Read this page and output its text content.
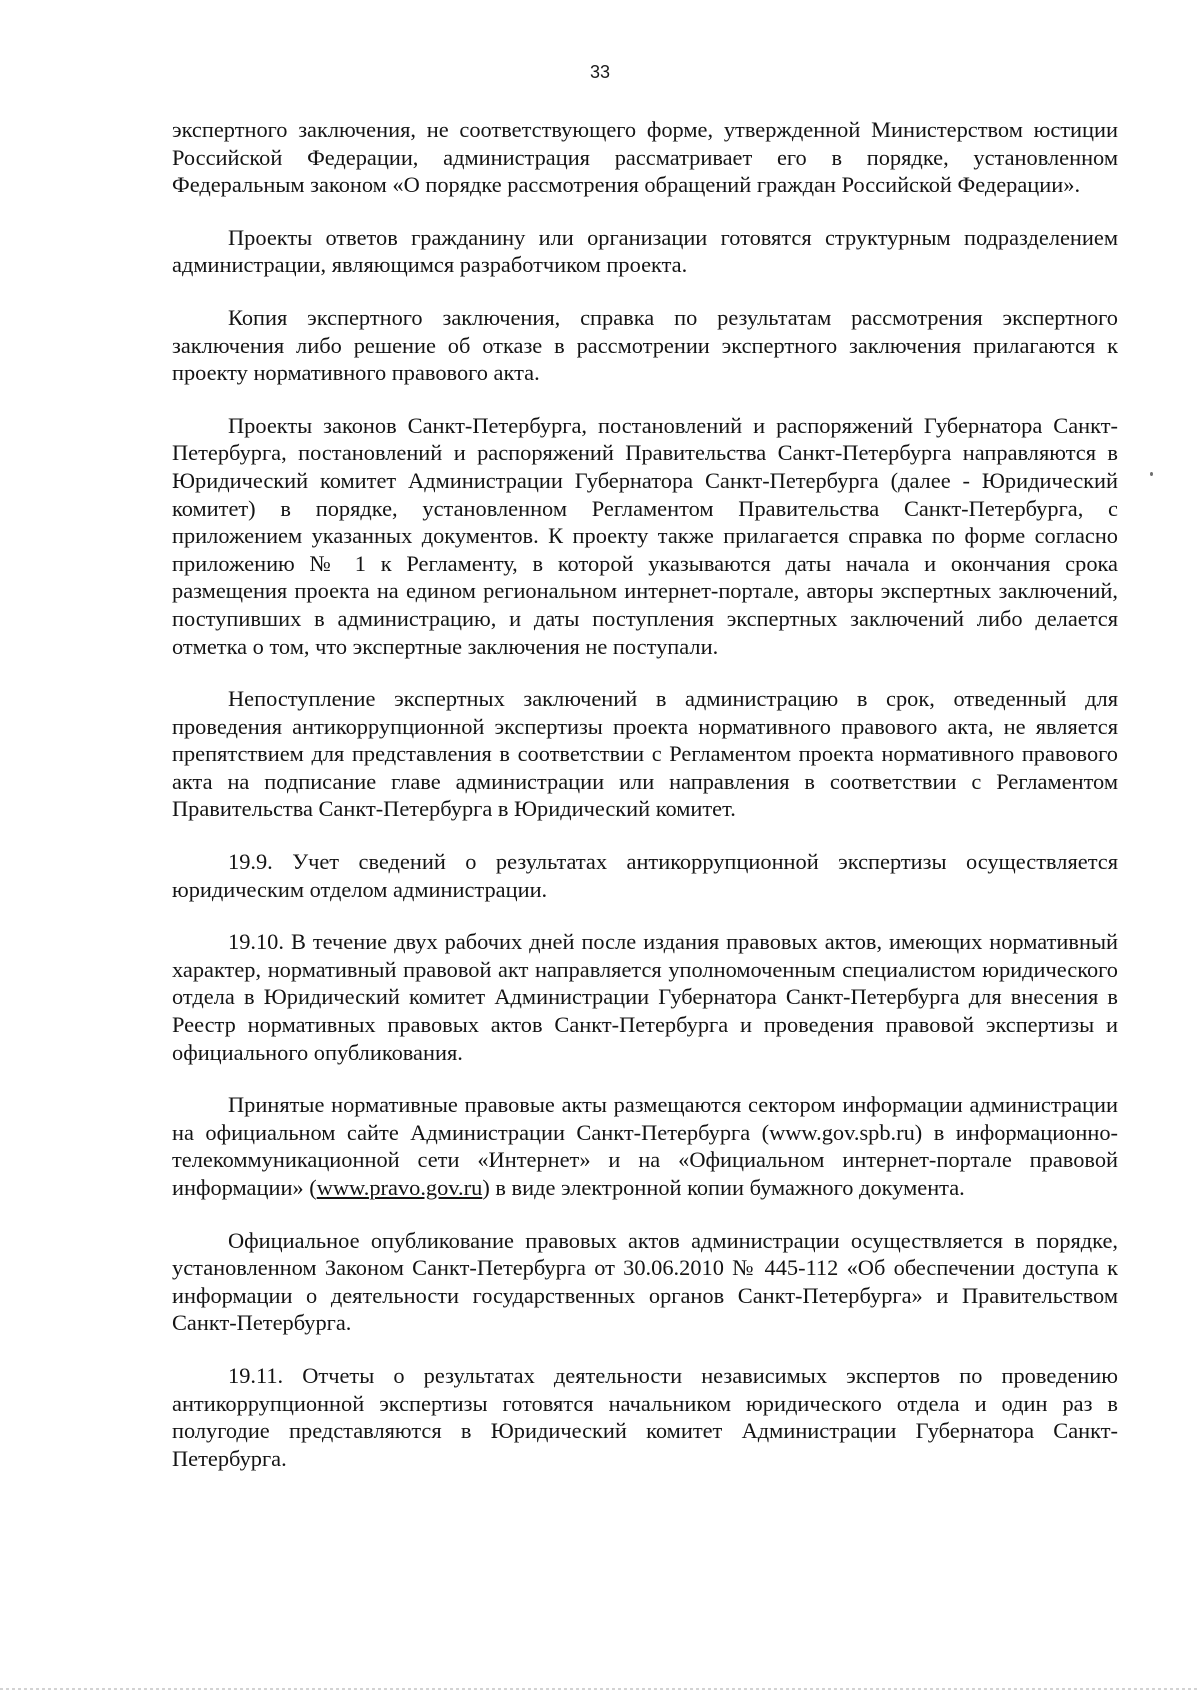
33

экспертного заключения, не соответствующего форме, утвержденной Министерством юстиции Российской Федерации, администрация рассматривает его в порядке, установленном Федеральным законом «О порядке рассмотрения обращений граждан Российской Федерации».

Проекты ответов гражданину или организации готовятся структурным подразделением администрации, являющимся разработчиком проекта.

Копия экспертного заключения, справка по результатам рассмотрения экспертного заключения либо решение об отказе в рассмотрении экспертного заключения прилагаются к проекту нормативного правового акта.

Проекты законов Санкт-Петербурга, постановлений и распоряжений Губернатора Санкт-Петербурга, постановлений и распоряжений Правительства Санкт-Петербурга направляются в Юридический комитет Администрации Губернатора Санкт-Петербурга (далее - Юридический комитет) в порядке, установленном Регламентом Правительства Санкт-Петербурга, с приложением указанных документов. К проекту также прилагается справка по форме согласно приложению № 1 к Регламенту, в которой указываются даты начала и окончания срока размещения проекта на едином региональном интернет-портале, авторы экспертных заключений, поступивших в администрацию, и даты поступления экспертных заключений либо делается отметка о том, что экспертные заключения не поступали.

Непоступление экспертных заключений в администрацию в срок, отведенный для проведения антикоррупционной экспертизы проекта нормативного правового акта, не является препятствием для представления в соответствии с Регламентом проекта нормативного правового акта на подписание главе администрации или направления в соответствии с Регламентом Правительства Санкт-Петербурга в Юридический комитет.

19.9. Учет сведений о результатах антикоррупционной экспертизы осуществляется юридическим отделом администрации.

19.10. В течение двух рабочих дней после издания правовых актов, имеющих нормативный характер, нормативный правовой акт направляется уполномоченным специалистом юридического отдела в Юридический комитет Администрации Губернатора Санкт-Петербурга для внесения в Реестр нормативных правовых актов Санкт-Петербурга и проведения правовой экспертизы и официального опубликования.

Принятые нормативные правовые акты размещаются сектором информации администрации на официальном сайте Администрации Санкт-Петербурга (www.gov.spb.ru) в информационно-телекоммуникационной сети «Интернет» и на «Официальном интернет-портале правовой информации» (www.pravo.gov.ru) в виде электронной копии бумажного документа.

Официальное опубликование правовых актов администрации осуществляется в порядке, установленном Законом Санкт-Петербурга от 30.06.2010 № 445-112 «Об обеспечении доступа к информации о деятельности государственных органов Санкт-Петербурга» и Правительством Санкт-Петербурга.

19.11. Отчеты о результатах деятельности независимых экспертов по проведению антикоррупционной экспертизы готовятся начальником юридического отдела и один раз в полугодие представляются в Юридический комитет Администрации Губернатора Санкт-Петербурга.
